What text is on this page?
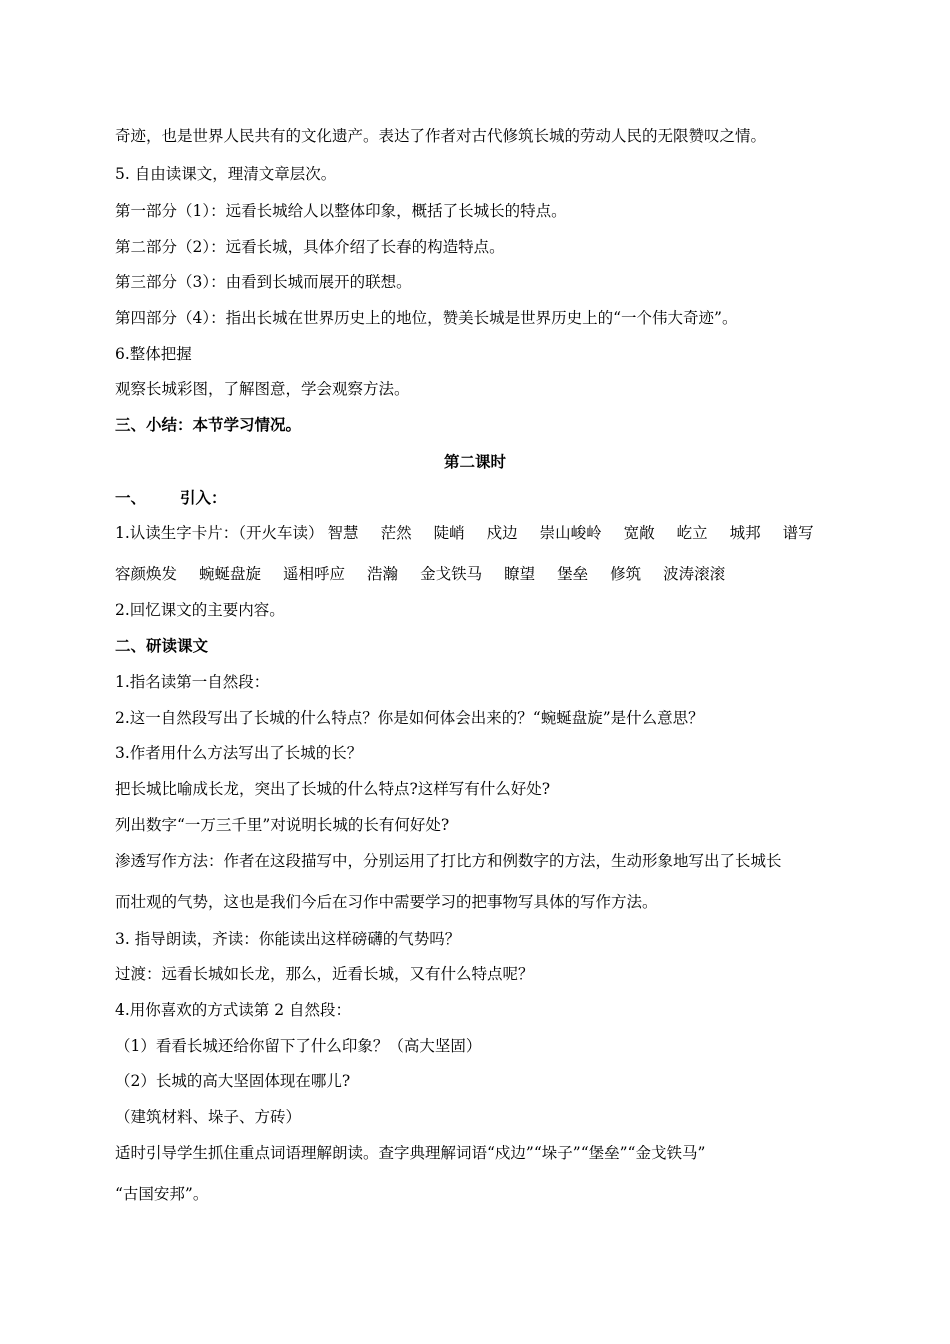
奇迹，也是世界人民共有的文化遗产。表达了作者对古代修筑长城的劳动人民的无限赞叹之情。
5. 自由读课文，理清文章层次。
第一部分（1）：远看长城给人以整体印象，概括了长城长的特点。
第二部分（2）：远看长城，具体介绍了长春的构造特点。
第三部分（3）：由看到长城而展开的联想。
第四部分（4）：指出长城在世界历史上的地位，赞美长城是世界历史上的“一个伟大奇迹”。
6.整体把握
观察长城彩图，了解图意，学会观察方法。
三、小结：本节学习情况。
第二课时
一、 引入：
1.认读生字卡片：（开火车读） 智慧 茫然 陡峭 戍边 崇山峻岭 宽敞 屹立 城邦 谱写
容颜焕发 蜿蜒盘旋 遥相呼应 浩瀚 金戈铁马 瞭望 堡垒 修筑 波涛滚滚
2.回忆课文的主要内容。
二、研读课文
1.指名读第一自然段：
2.这一自然段写出了长城的什么特点？你是如何体会出来的？“蜿蜒盘旋”是什么意思？
3.作者用什么方法写出了长城的长？
把长城比喻成长龙，突出了长城的什么特点?这样写有什么好处?
列出数字“一万三千里”对说明长城的长有何好处?
渗透写作方法：作者在这段描写中，分别运用了打比方和例数字的方法，生动形象地写出了长城长
而壮观的气势，这也是我们今后在习作中需要学习的把事物写具体的写作方法。
3. 指导朗读，齐读：你能读出这样磅礴的气势吗？
过渡：远看长城如长龙，那么，近看长城，又有什么特点呢？
4.用你喜欢的方式读第 2 自然段：
（1）看看长城还给你留下了什么印象？（高大坚固）
（2）长城的高大坚固体现在哪儿?
（建筑材料、垛子、方砖）
适时引导学生抓住重点词语理解朗读。查字典理解词语“戍边”“垛子”“堡垒”“金戈铁马”
“古国安邦”。
